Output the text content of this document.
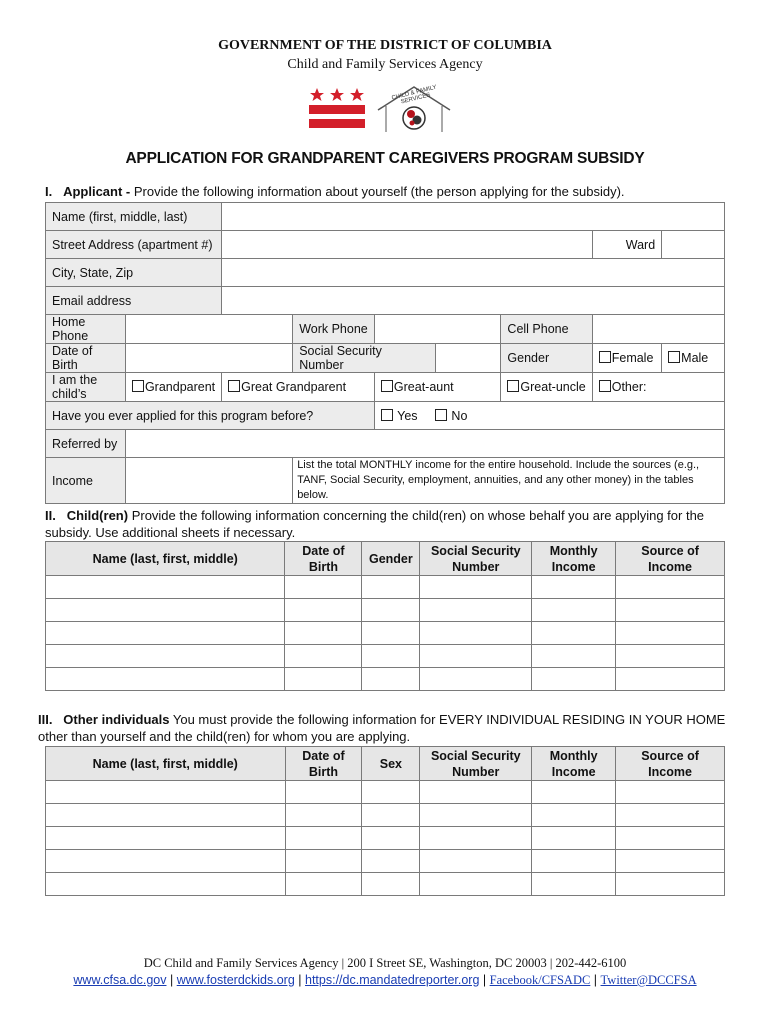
GOVERNMENT OF THE DISTRICT OF COLUMBIA
Child and Family Services Agency
CHILD & FAMILY SERVICES
APPLICATION FOR GRANDPARENT CAREGIVERS PROGRAM SUBSIDY
I. Applicant - Provide the following information about yourself (the person applying for the subsidy).
Name (first, middle, last)								
Street Address (apartment #)							Ward	
City, State, Zip								
Email address								
Home Phone			Work Phone			Cell Phone		
Date of Birth			Social Security Number			Gender	Female	Male
I am the child’s	Grandparent	Great Grandparent		Great-aunt		Great-uncle	Other:	
Have you ever applied for this program before?				Yes No				
Referred by								
Income			List the total MONTHLY income for the entire household. Include the sources (e.g., TANF, Social Security, employment, annuities, and any other money) in the tables below.					
II. Child(ren) Provide the following information concerning the child(ren) on whose behalf you are applying for the subsidy. Use additional sheets if necessary.
Name (last, first, middle)	Date of Birth	Gender	Social Security Number	Monthly Income	Source of Income

III. Other individuals You must provide the following information for EVERY INDIVIDUAL RESIDING IN YOUR HOME other than yourself and the child(ren) for whom you are applying.
Name (last, first, middle)	Date of Birth	Sex	Social Security Number	Monthly Income	Source of Income

DC Child and Family Services Agency | 200 I Street SE, Washington, DC 20003 | 202-442-6100
www.cfsa.dc.gov | www.fosterdckids.org | https://dc.mandatedreporter.org | Facebook/CFSADC | Twitter@DCCFSA
